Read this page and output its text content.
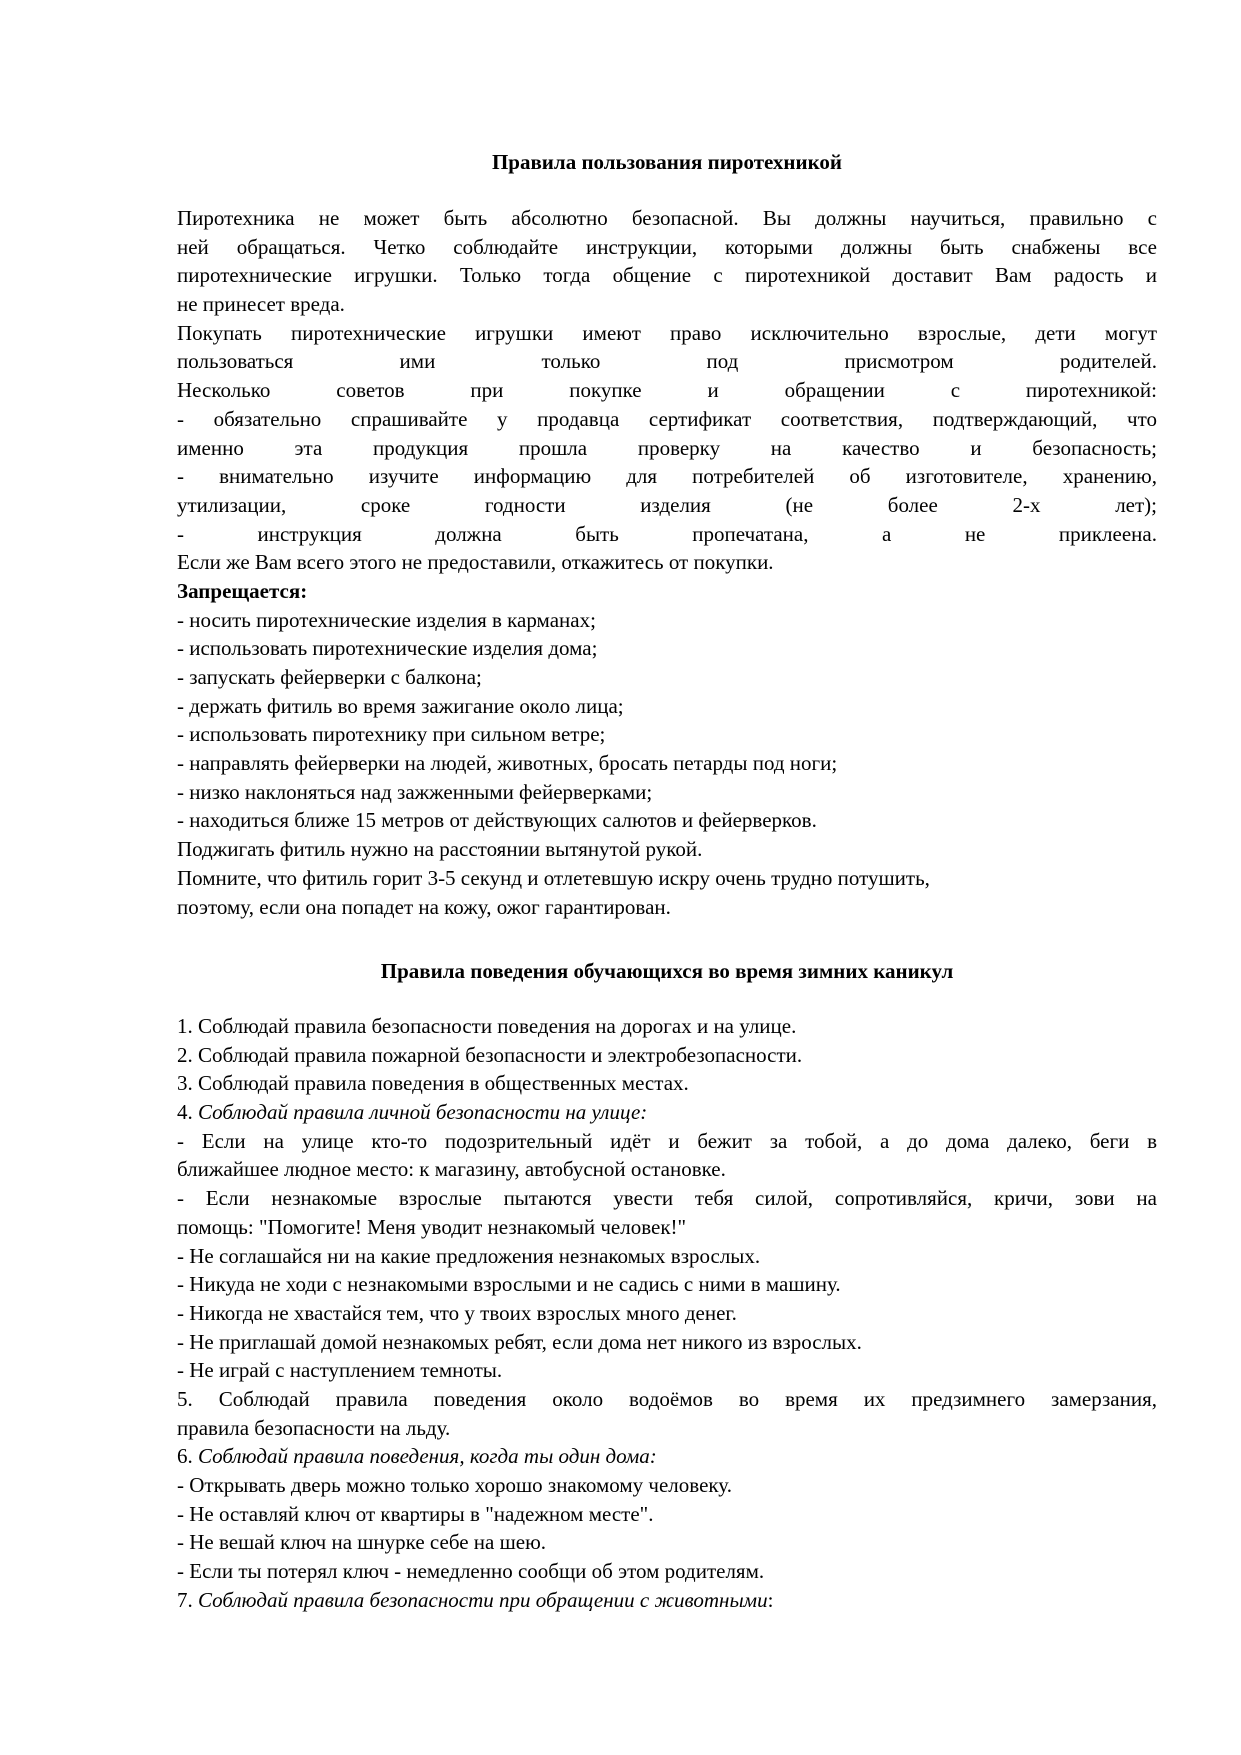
Правила пользования пиротехникой
Пиротехника не может быть абсолютно безопасной. Вы должны научиться, правильно с
ней обращаться. Четко соблюдайте инструкции, которыми должны быть снабжены все
пиротехнические игрушки. Только тогда общение с пиротехникой доставит Вам радость и
не принесет вреда.
Покупать пиротехнические игрушки имеют право исключительно взрослые, дети могут
пользоваться ими только под присмотром родителей.
Несколько советов при покупке и обращении с пиротехникой:
- обязательно спрашивайте у продавца сертификат соответствия, подтверждающий, что
именно эта продукция прошла проверку на качество и безопасность;
- внимательно изучите информацию для потребителей об изготовителе, хранению,
утилизации, сроке годности изделия (не более 2-х лет);
- инструкция должна быть пропечатана, а не приклеена.
Если же Вам всего этого не предоставили, откажитесь от покупки.
Запрещается:
- носить пиротехнические изделия в карманах;
- использовать пиротехнические изделия дома;
- запускать фейерверки с балкона;
- держать фитиль во время зажигание около лица;
- использовать пиротехнику при сильном ветре;
- направлять фейерверки на людей, животных, бросать петарды под ноги;
- низко наклоняться над зажженными фейерверками;
- находиться ближе 15 метров от действующих салютов и фейерверков.
Поджигать фитиль нужно на расстоянии вытянутой рукой.
Помните, что фитиль горит 3-5 секунд и отлетевшую искру очень трудно потушить,
поэтому, если она попадет на кожу, ожог гарантирован.
Правила поведения обучающихся во время зимних каникул
1. Соблюдай правила безопасности поведения на дорогах и на улице.
2. Соблюдай правила пожарной безопасности и электробезопасности.
3. Соблюдай правила поведения в общественных местах.
4. Соблюдай правила личной безопасности на улице:
- Если на улице кто-то подозрительный идёт и бежит за тобой, а до дома далеко, беги в
ближайшее людное место: к магазину, автобусной остановке.
- Если незнакомые взрослые пытаются увести тебя силой, сопротивляйся, кричи, зови на
помощь: "Помогите! Меня уводит незнакомый человек!"
- Не соглашайся ни на какие предложения незнакомых взрослых.
- Никуда не ходи с незнакомыми взрослыми и не садись с ними в машину.
- Никогда не хвастайся тем, что у твоих взрослых много денег.
- Не приглашай домой незнакомых ребят, если дома нет никого из взрослых.
- Не играй с наступлением темноты.
5. Соблюдай правила поведения около водоёмов во время их предзимнего замерзания,
правила безопасности на льду.
6. Соблюдай правила поведения, когда ты один дома:
- Открывать дверь можно только хорошо знакомому человеку.
- Не оставляй ключ от квартиры в "надежном месте".
- Не вешай ключ на шнурке себе на шею.
- Если ты потерял ключ - немедленно сообщи об этом родителям.
7. Соблюдай правила безопасности при обращении с животными:
